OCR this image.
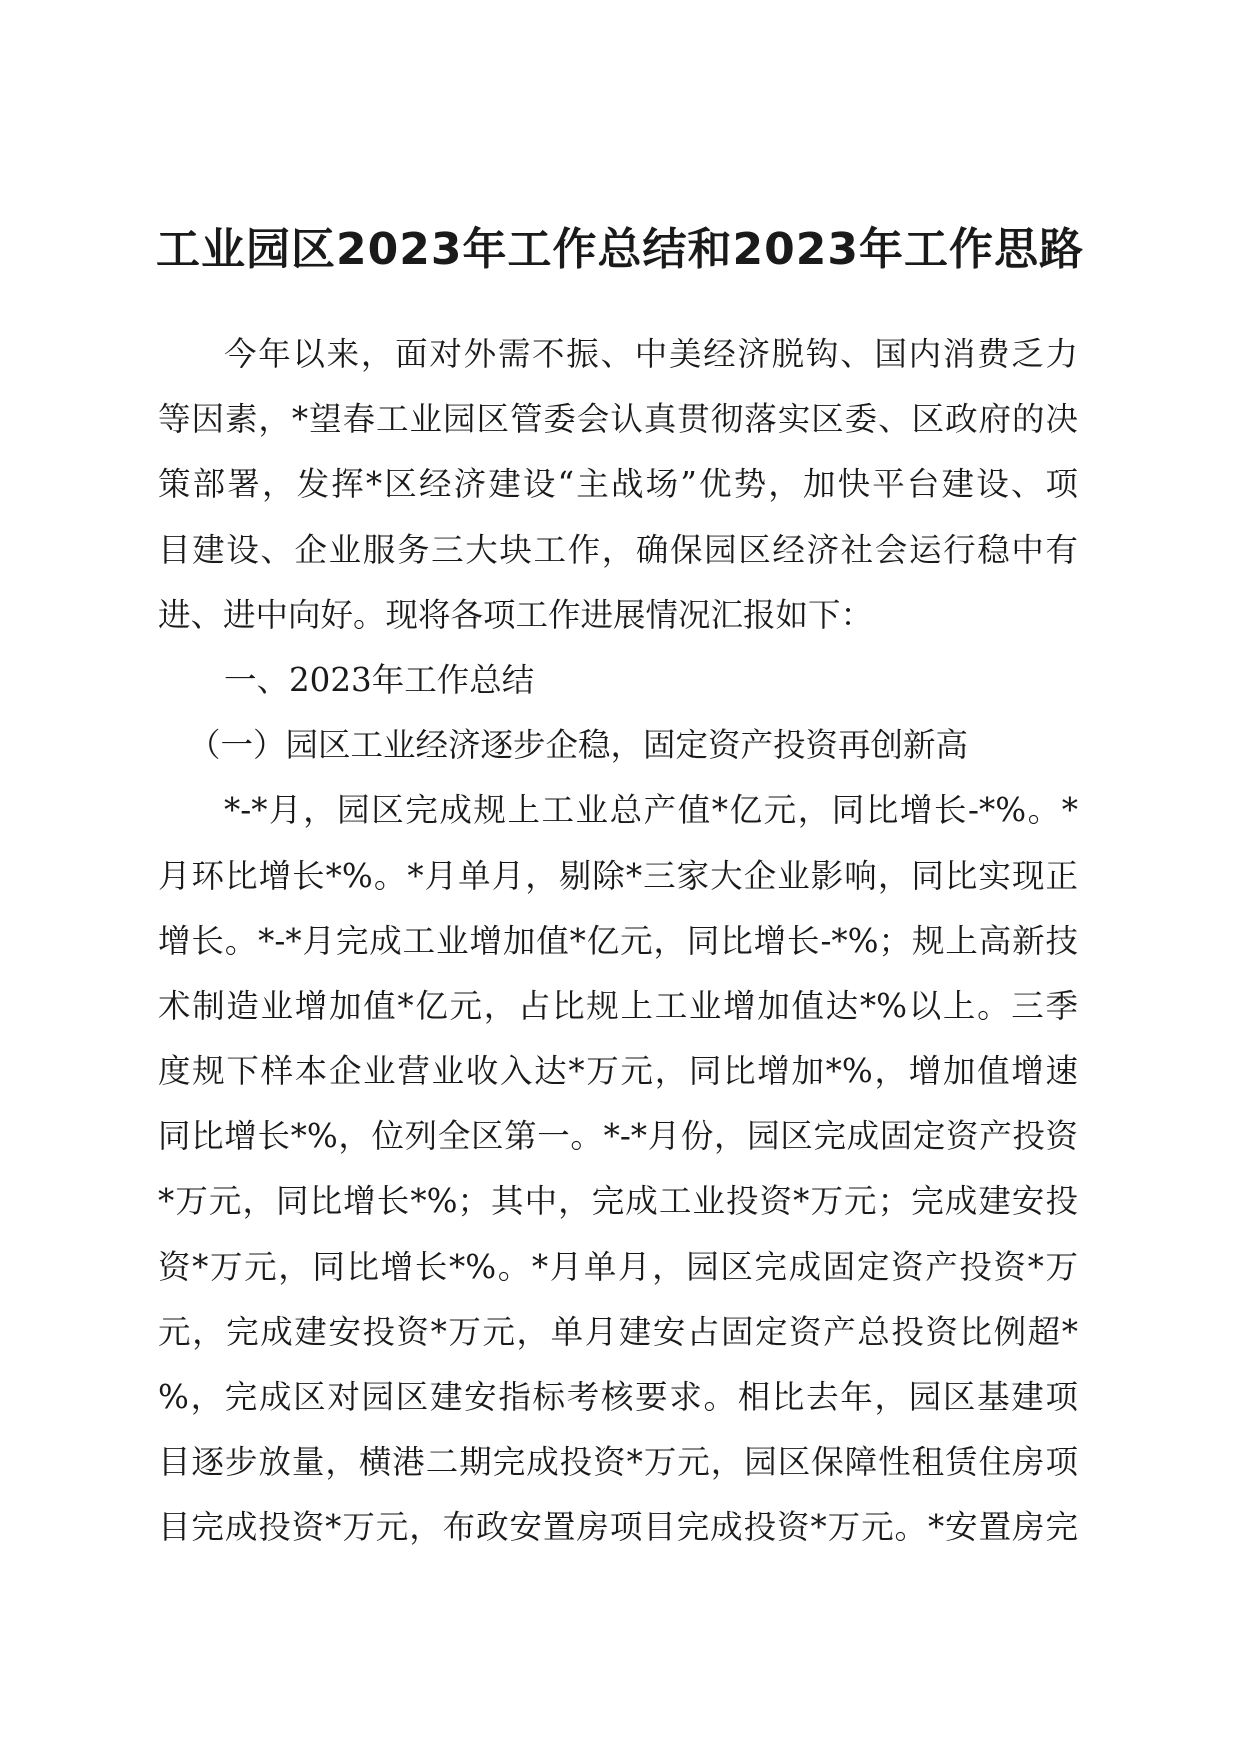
工业园区2023年工作总结和2023年工作思路
今年以来，面对外需不振、中美经济脱钩、国内消费乏力
等因素，*望春工业园区管委会认真贯彻落实区委、区政府的决
策部署，发挥*区经济建设“主战场”优势，加快平台建设、项
目建设、企业服务三大块工作，确保园区经济社会运行稳中有
进、进中向好。现将各项工作进展情况汇报如下：
一、2023年工作总结
（一）园区工业经济逐步企稳，固定资产投资再创新高
*-*月，园区完成规上工业总产值*亿元，同比增长-*%。*
月环比增长*%。*月单月，剔除*三家大企业影响，同比实现正
增长。*-*月完成工业增加值*亿元，同比增长-*%；规上高新技
术制造业增加值*亿元，占比规上工业增加值达*%以上。三季
度规下样本企业营业收入达*万元，同比增加*%，增加值增速
同比增长*%，位列全区第一。*-*月份，园区完成固定资产投资
*万元，同比增长*%；其中，完成工业投资*万元；完成建安投
资*万元，同比增长*%。*月单月，园区完成固定资产投资*万
元，完成建安投资*万元，单月建安占固定资产总投资比例超*
%，完成区对园区建安指标考核要求。相比去年，园区基建项
目逐步放量，横港二期完成投资*万元，园区保障性租赁住房项
目完成投资*万元，布政安置房项目完成投资*万元。*安置房完
